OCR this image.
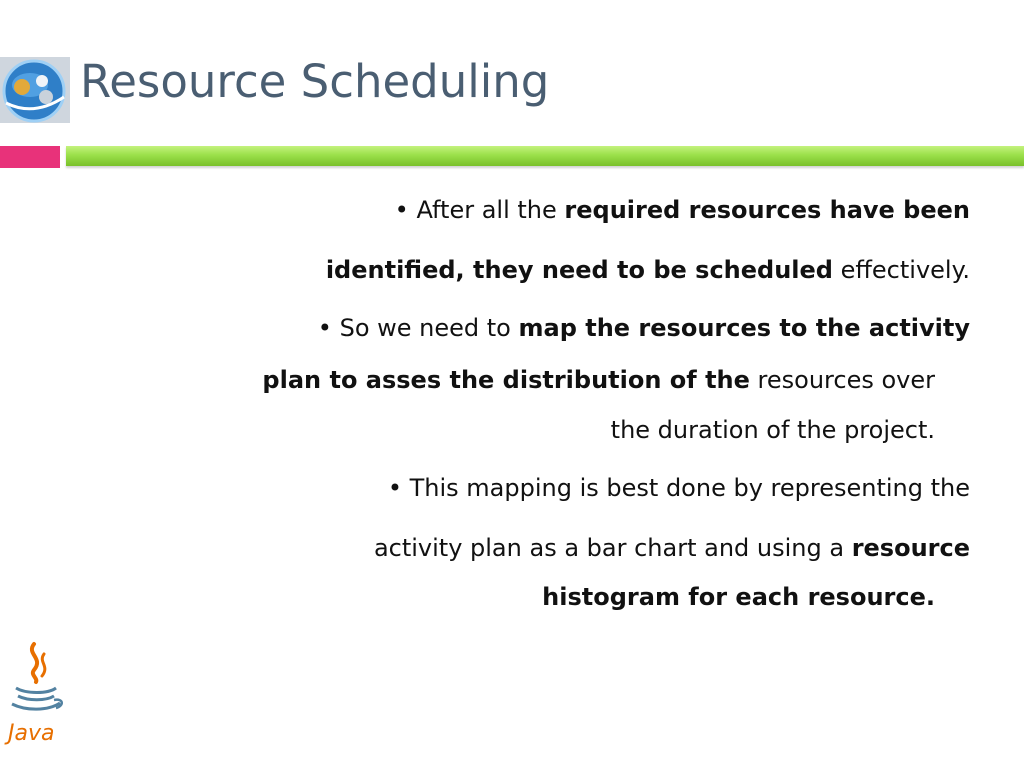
Resource Scheduling
• After all the required resources have been
identified, they need to be scheduled effectively.
• So we need to map the resources to the activity
plan to asses the distribution of the resources over
the duration of the project.
• This mapping is best done by representing the
activity plan as a bar chart and using a resource
histogram for each resource.
Java
